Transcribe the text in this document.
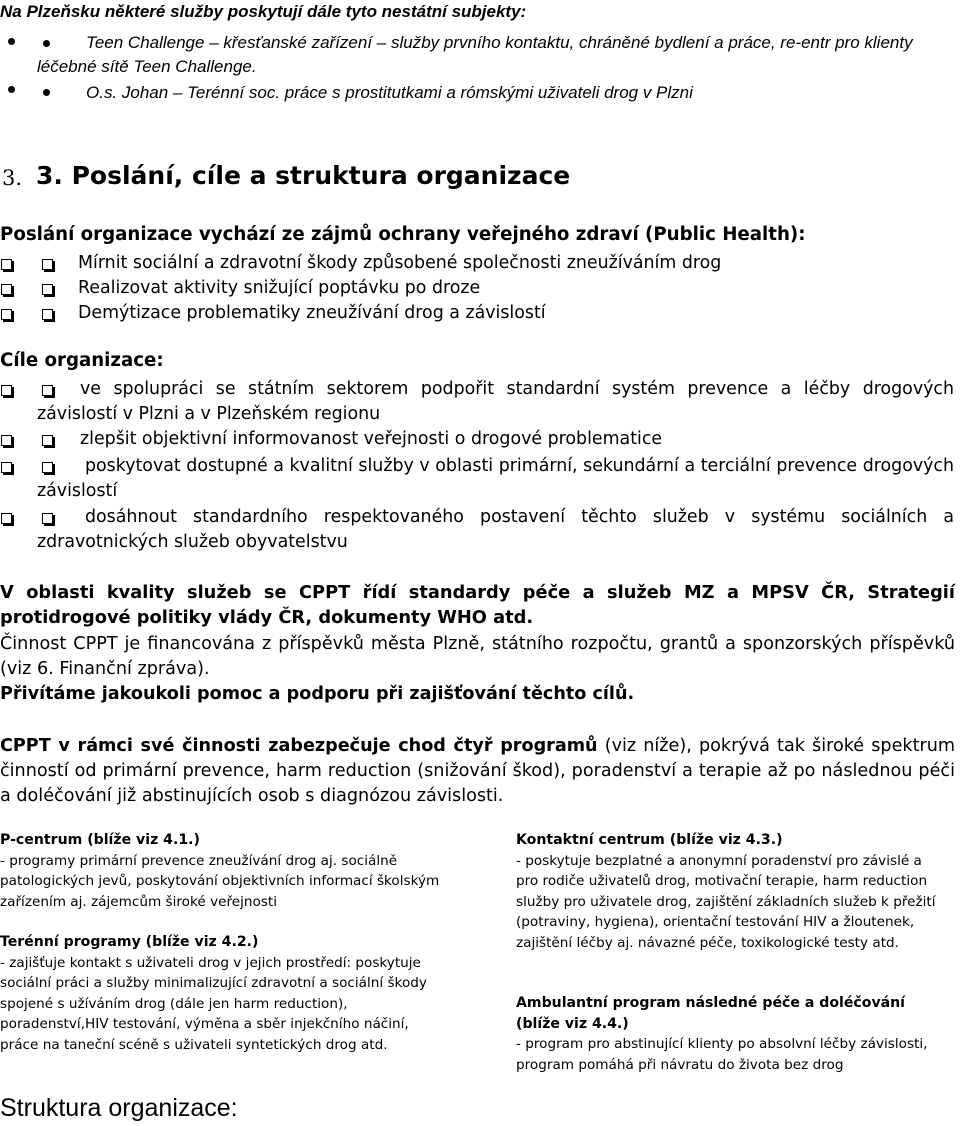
Na Plzeňsku některé služby poskytují dále tyto nestátní subjekty:
Teen Challenge – křesťanské zařízení – služby prvního kontaktu, chráněné bydlení a práce, re-entr pro klienty léčebné sítě Teen Challenge.
O.s. Johan – Terénní soc. práce s prostitutkami a rómskými uživateli drog v Plzni
3. 3. Poslání, cíle a struktura organizace
Poslání organizace vychází ze zájmů ochrany veřejného zdraví (Public Health):
Mírnit sociální a zdravotní škody způsobené společnosti zneužíváním drog
Realizovat aktivity snižující poptávku po droze
Demýtizace problematiky zneužívání drog a závislostí
Cíle organizace:
ve spolupráci se státním sektorem podpořit standardní systém prevence a léčby drogových závislostí v Plzni a v Plzeňském regionu
zlepšit objektivní informovanost veřejnosti o drogové problematice
poskytovat dostupné a kvalitní služby v oblasti primární, sekundární a terciální prevence drogových závislostí
dosáhnout standardního respektovaného postavení těchto služeb v systému sociálních a zdravotnických služeb obyvatelstvu
V oblasti kvality služeb se CPPT řídí standardy péče a služeb MZ a MPSV ČR, Strategií protidrogové politiky vlády ČR, dokumenty WHO atd.
Činnost CPPT je financována z příspěvků města Plzně, státního rozpočtu, grantů a sponzorských příspěvků (viz 6. Finanční zpráva).
Přivítáme jakoukoli pomoc a podporu při zajišťování těchto cílů.
CPPT v rámci své činnosti zabezpečuje chod čtyř programů (viz níže), pokrývá tak široké spektrum činností od primární prevence, harm reduction (snižování škod), poradenství a terapie až po následnou péči a doléčování již abstinujících osob s diagnózou závislosti.
P-centrum (blíže viz 4.1.)
- programy primární prevence zneužívání drog aj. sociálně patologických jevů, poskytování objektivních informací školským zařízením aj. zájemcům široké veřejnosti
Terénní programy (blíže viz 4.2.)
- zajišťuje kontakt s uživateli drog v jejich prostředí: poskytuje sociální práci a služby minimalizující zdravotní a sociální škody spojené s užíváním drog (dále jen harm reduction), poradenství,HIV testování, výměna a sběr injekčního náčiní, práce na taneční scéně s uživateli syntetických drog atd.
Kontaktní centrum (blíže viz 4.3.)
- poskytuje bezplatné a anonymní poradenství pro závislé a pro rodiče uživatelů drog, motivační terapie, harm reduction služby pro uživatele drog, zajištění základních služeb k přežití (potraviny, hygiena), orientační testování HIV a žloutenek, zajištění léčby aj. návazné péče, toxikologické testy atd.
Ambulantní program následné péče a doléčování (blíže viz 4.4.)
- program pro abstinující klienty po absolvní léčby závislosti, program pomáhá při návratu do života bez drog
Struktura organizace:
